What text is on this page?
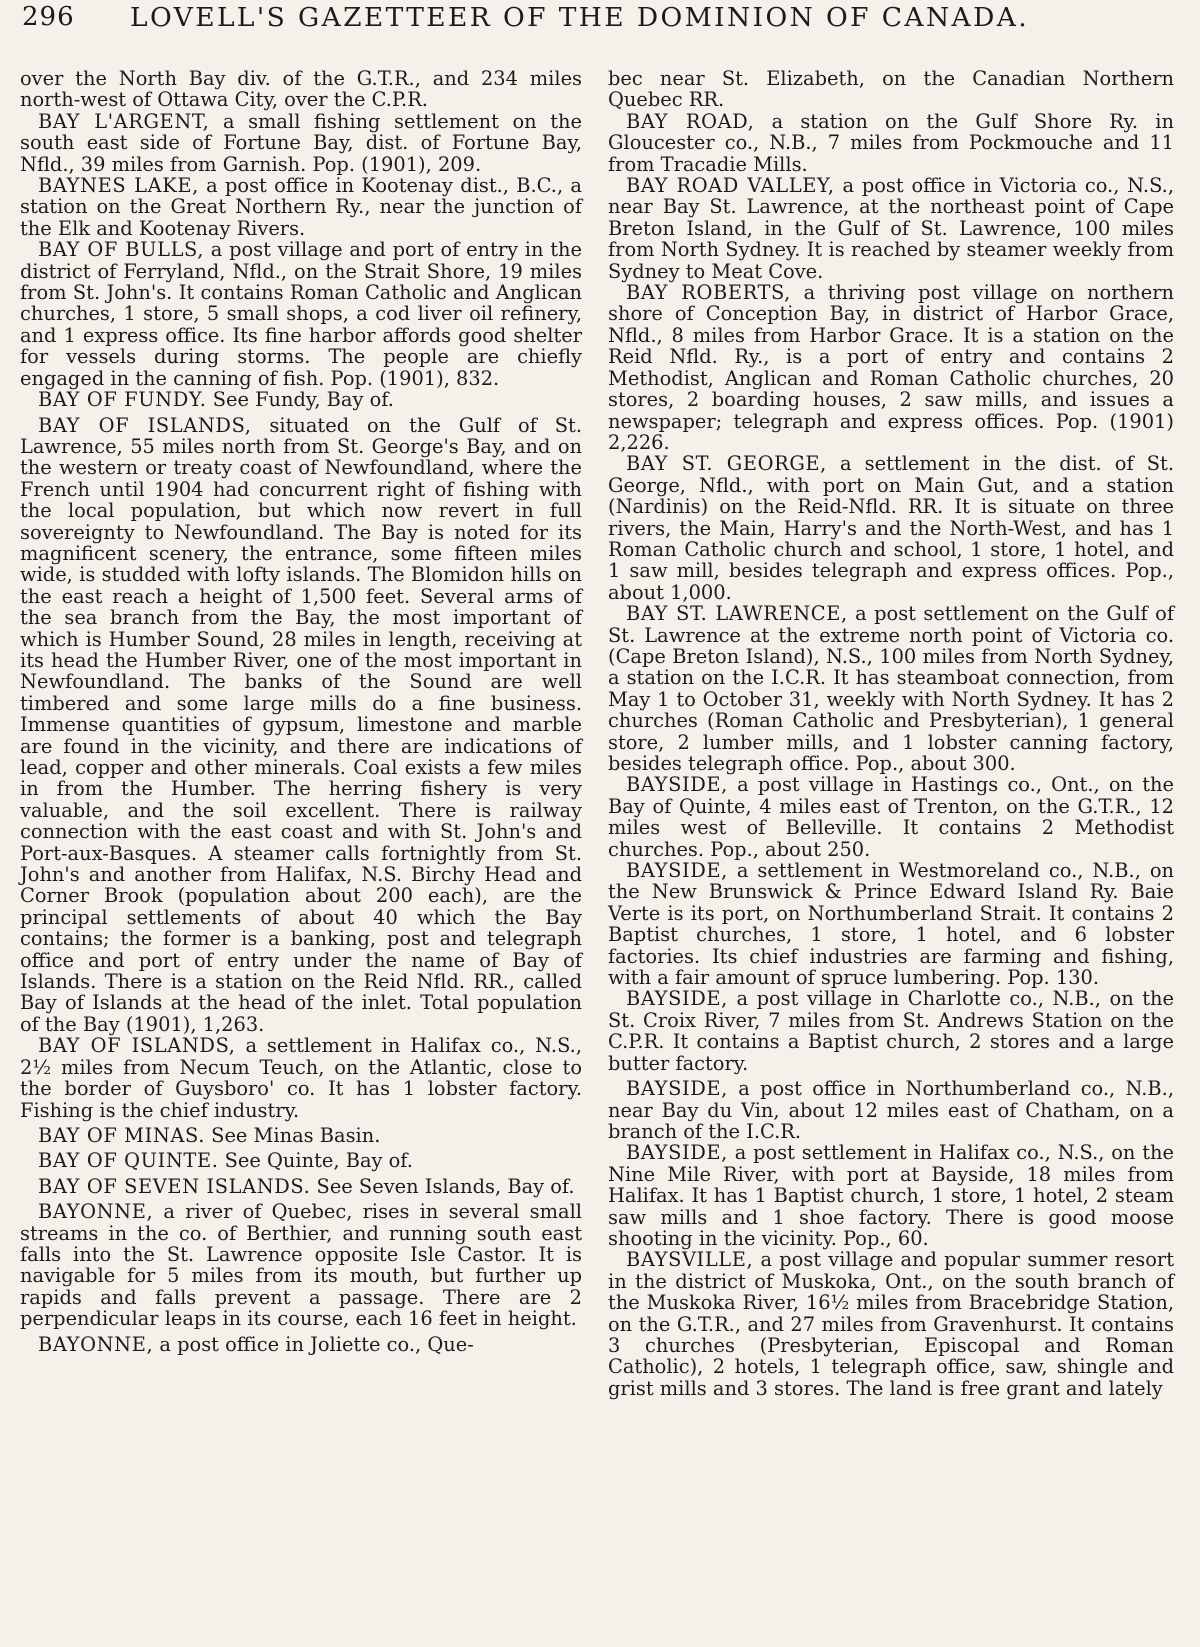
296 LOVELL'S GAZETTEER OF THE DOMINION OF CANADA.

over the North Bay div. of the G.T.R., and 234 miles north-west of Ottawa City, over the C.P.R.

BAY L'ARGENT, a small fishing settlement on the south east side of Fortune Bay, dist. of Fortune Bay, Nfld., 39 miles from Garnish. Pop. (1901), 209.

BAYNES LAKE, a post office in Kootenay dist., B.C., a station on the Great Northern Ry., near the junction of the Elk and Kootenay Rivers.

BAY OF BULLS, a post village and port of entry in the district of Ferryland, Nfld., on the Strait Shore, 19 miles from St. John's. It contains Roman Catholic and Anglican churches, 1 store, 5 small shops, a cod liver oil refinery, and 1 express office. Its fine harbor affords good shelter for vessels during storms. The people are chiefly engaged in the canning of fish. Pop. (1901), 832.

BAY OF FUNDY. See Fundy, Bay of.

BAY OF ISLANDS, situated on the Gulf of St. Lawrence, 55 miles north from St. George's Bay, and on the western or treaty coast of Newfoundland, where the French until 1904 had concurrent right of fishing with the local population, but which now revert in full sovereignty to Newfoundland. The Bay is noted for its magnificent scenery, the entrance, some fifteen miles wide, is studded with lofty islands. The Blomidon hills on the east reach a height of 1,500 feet. Several arms of the sea branch from the Bay, the most important of which is Humber Sound, 28 miles in length, receiving at its head the Humber River, one of the most important in Newfoundland. The banks of the Sound are well timbered and some large mills do a fine business. Immense quantities of gypsum, limestone and marble are found in the vicinity, and there are indications of lead, copper and other minerals. Coal exists a few miles in from the Humber. The herring fishery is very valuable, and the soil excellent. There is railway connection with the east coast and with St. John's and Port-aux-Basques. A steamer calls fortnightly from St. John's and another from Halifax, N.S. Birchy Head and Corner Brook (population about 200 each), are the principal settlements of about 40 which the Bay contains; the former is a banking, post and telegraph office and port of entry under the name of Bay of Islands. There is a station on the Reid Nfld. RR., called Bay of Islands at the head of the inlet. Total population of the Bay (1901), 1,263.

BAY OF ISLANDS, a settlement in Halifax co., N.S., 2½ miles from Necum Teuch, on the Atlantic, close to the border of Guysboro' co. It has 1 lobster factory. Fishing is the chief industry.

BAY OF MINAS. See Minas Basin.

BAY OF QUINTE. See Quinte, Bay of.

BAY OF SEVEN ISLANDS. See Seven Islands, Bay of.

BAYONNE, a river of Quebec, rises in several small streams in the co. of Berthier, and running south east falls into the St. Lawrence opposite Isle Castor. It is navigable for 5 miles from its mouth, but further up rapids and falls prevent a passage. There are 2 perpendicular leaps in its course, each 16 feet in height.

BAYONNE, a post office in Joliette co., Que-

bec near St. Elizabeth, on the Canadian Northern Quebec RR.

BAY ROAD, a station on the Gulf Shore Ry. in Gloucester co., N.B., 7 miles from Pockmouche and 11 from Tracadie Mills.

BAY ROAD VALLEY, a post office in Victoria co., N.S., near Bay St. Lawrence, at the northeast point of Cape Breton Island, in the Gulf of St. Lawrence, 100 miles from North Sydney. It is reached by steamer weekly from Sydney to Meat Cove.

BAY ROBERTS, a thriving post village on northern shore of Conception Bay, in district of Harbor Grace, Nfld., 8 miles from Harbor Grace. It is a station on the Reid Nfld. Ry., is a port of entry and contains 2 Methodist, Anglican and Roman Catholic churches, 20 stores, 2 boarding houses, 2 saw mills, and issues a newspaper; telegraph and express offices. Pop. (1901) 2,226.

BAY ST. GEORGE, a settlement in the dist. of St. George, Nfld., with port on Main Gut, and a station (Nardinis) on the Reid-Nfld. RR. It is situate on three rivers, the Main, Harry's and the North-West, and has 1 Roman Catholic church and school, 1 store, 1 hotel, and 1 saw mill, besides telegraph and express offices. Pop., about 1,000.

BAY ST. LAWRENCE, a post settlement on the Gulf of St. Lawrence at the extreme north point of Victoria co. (Cape Breton Island), N.S., 100 miles from North Sydney, a station on the I.C.R. It has steamboat connection, from May 1 to October 31, weekly with North Sydney. It has 2 churches (Roman Catholic and Presbyterian), 1 general store, 2 lumber mills, and 1 lobster canning factory, besides telegraph office. Pop., about 300.

BAYSIDE, a post village in Hastings co., Ont., on the Bay of Quinte, 4 miles east of Trenton, on the G.T.R., 12 miles west of Belleville. It contains 2 Methodist churches. Pop., about 250.

BAYSIDE, a settlement in Westmoreland co., N.B., on the New Brunswick & Prince Edward Island Ry. Baie Verte is its port, on Northumberland Strait. It contains 2 Baptist churches, 1 store, 1 hotel, and 6 lobster factories. Its chief industries are farming and fishing, with a fair amount of spruce lumbering. Pop. 130.

BAYSIDE, a post village in Charlotte co., N.B., on the St. Croix River, 7 miles from St. Andrews Station on the C.P.R. It contains a Baptist church, 2 stores and a large butter factory.

BAYSIDE, a post office in Northumberland co., N.B., near Bay du Vin, about 12 miles east of Chatham, on a branch of the I.C.R.

BAYSIDE, a post settlement in Halifax co., N.S., on the Nine Mile River, with port at Bayside, 18 miles from Halifax. It has 1 Baptist church, 1 store, 1 hotel, 2 steam saw mills and 1 shoe factory. There is good moose shooting in the vicinity. Pop., 60.

BAYSVILLE, a post village and popular summer resort in the district of Muskoka, Ont., on the south branch of the Muskoka River, 16½ miles from Bracebridge Station, on the G.T.R., and 27 miles from Gravenhurst. It contains 3 churches (Presbyterian, Episcopal and Roman Catholic), 2 hotels, 1 telegraph office, saw, shingle and grist mills and 3 stores. The land is free grant and lately
